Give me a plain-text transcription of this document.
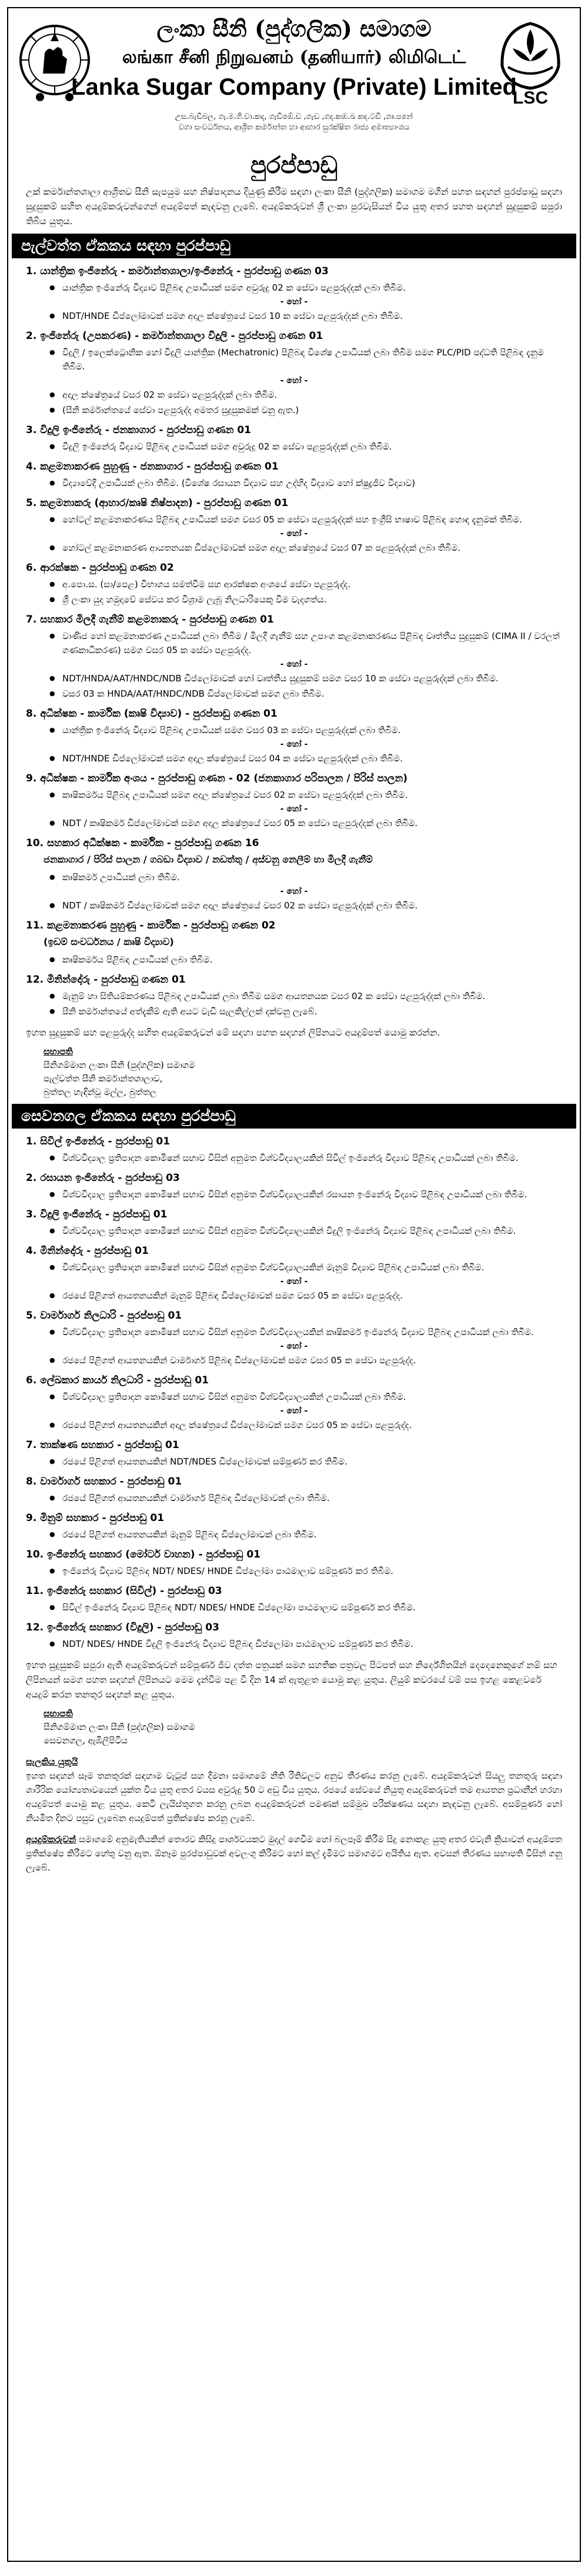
ලංකා සීනි (පුද්ගලික) සමාගම
லங்கா சீனி நிறுவனம் (தனியார்) லிமிடெட்
Lanka Sugar Company (Private) Limited
උස.බැඩිබල, ගැ.ම.ගි.වා.කද, ගැඩිඹේ.ඩ ,ගැඩ ,ගද.කඹ.ඛ කද.ටඩී ,ගෘ.පනේ
වගා සංවර්ධනය, ආශ්‍රිත කර්මාන්ත හා ආහාර සුරක්ෂිත රාජ්‍ය අමාත්‍යාංශය
LSC
පුරප්පාඩු
උක් කර්මාන්තශාලා ආශ්‍රිතව සීනි සැපයුම සහ නිෂ්පාදනය දියුණු කිරීම සඳහා ලංකා සීනි (පුද්ගලික) සමාගම මගින් පහත සඳහන් පුරප්පාඩු සඳහා සුදුසුකම් සහිත අයදුම්කරුවන්ගෙන් අයදුම්පත් කැඳවනු ලැබේ. අයදුම්කරුවන් ශ්‍රී ලංකා පුරවැසියන් විය යුතු අතර පහත සඳහන් සුදුසුකම් සපුරා තිබිය යුතුය.
පැල්වත්ත ඒකකය සඳහා පුරප්පාඩු
1. යාන්ත්‍රික ඉංජිනේරු - කර්මාන්තශාලා/ඉංජිනේරු - පුරප්පාඩු ගණන 03
● යාන්ත්‍රික ඉංජිනේරු විද්‍යාව පිළිබඳ උපාධියක් සමග අවුරුදු 02 ක සේවා පළපුරුද්දක් ලබා තිබීම.
- හෝ -
● NDT/HNDE ඩිප්ලෝමාවක් සමග අදාල ක්ෂේත්‍රයේ වසර 10 ක සේවා පළපුරුද්දක් ලබා තිබීම.
2. ඉංජිනේරු (උපකරණ) - කර්මාන්තශාලා විදුලි - පුරප්පාඩු ගණන 01
● විදුලි / ඉලෙක්ට්‍රොනික හෝ විදුලි යාන්ත්‍රික (Mechatronic) පිළිබඳ විශේෂ උපාධියක් ලබා තිබීම සමග PLC/PID පද්ධති පිළිබඳ දැනුම තිබීම.
- හෝ -
● අදාල ක්ෂේත්‍රයේ වසර 02 ක සේවා පළපුරුද්දක් ලබා තිබීම.
● (සීනි කර්මාන්තයේ සේවා පළපුරුද්ද අමතර සුදුසුකමක් වනු ඇත.)
3. විදුලි ඉංජිනේරු - ජනකාගාර - පුරප්පාඩු ගණන 01
● විදුලි ඉංජිනේරු විද්‍යාව පිළිබඳ උපාධියක් සමග අවුරුදු 02 ක සේවා පළපුරුද්දක් ලබා තිබීම.
4. කළමනාකරණ පුහුණු - ජනකාගාර - පුරප්පාඩු ගණන 01
● විද්‍යාවේදී උපාධියක් ලබා තිබීම. (විශේෂ රසායන විද්‍යාව සහ උද්භිද විද්‍යාව හෝ ක්ෂුද්‍රජීව විද්‍යාව)
5. කළමනාකරු (ආහාර/කෘෂි නිෂ්පාදන) - පුරප්පාඩු ගණන 01
● හෝටල් කළමනාකරණය පිළිබඳ උපාධියක් සමග වසර 05 ක සේවා පළපුරුද්දක් සහ ඉංග්‍රීසි භාෂාව පිළිබඳ හොඳ දැනුමක් තිබීම.
- හෝ -
● හෝටල් කළමනාකරණ ආයතනයක ඩිප්ලෝමාවක් සමග අදාල ක්ෂේත්‍රයේ වසර 07 ක පළපුරුද්දක් ලබා තිබීම.
6. ආරක්ෂක - පුරප්පාඩු ගණන 02
● අ.පො.ස. (සා/පෙළ) විභාගය සමත්වීම සහ ආරක්ෂක අංශයේ සේවා පළපුරුද්ද.
● ශ්‍රී ලංකා යුද හමුදාවේ සේවය කර විශ්‍රාම ලැබූ නිලධාරියෙකු වීම වැදගත්ය.
7. සහකාර මිලදී ගැනීම් කළමනාකරු - පුරප්පාඩු ගණන 01
● වාණිජ හෝ කළමනාකරණ උපාධියක් ලබා තිබීම / මිලදී ගැනීම් සහ උපාංග කළමනාකරණය පිළිබඳ වෘත්තීය සුදුසුකම් (CIMA II / වරලත් ගණකාධිකරණ) සමග වසර 05 ක සේවා පළපුරුද්ද.
- හෝ -
● NDT/HNDA/AAT/HNDC/NDB ඩිප්ලෝමාවක් හෝ වෘත්තීය සුදුසුකම් සමග වසර 10 ක සේවා පළපුරුද්දක් ලබා තිබීම.
● වසර 03 ක HNDA/AAT/HNDC/NDB ඩිප්ලෝමාවක් සමග ලබා තිබීම.
8. අධීක්ෂක - කාර්මික (කෘෂි විද්‍යාව) - පුරප්පාඩු ගණන 01
● යාන්ත්‍රික ඉංජිනේරු විද්‍යාව පිළිබඳ උපාධියක් සමග වසර 03 ක සේවා පළපුරුද්දක් ලබා තිබීම.
- හෝ -
● NDT/HNDE ඩිප්ලෝමාවක් සමග අදාල ක්ෂේත්‍රයේ වසර 04 ක සේවා පළපුරුද්දක් ලබා තිබීම.
9. අධීක්ෂක - කාර්මික අංශය - පුරප්පාඩු ගණන - 02 (ජනකාගාර පරිපාලන / පිරිස් පාලන)
● කෘෂිකර්මය පිළිබඳ උපාධියක් සමග අදාල ක්ෂේත්‍රයේ වසර 02 ක සේවා පළපුරුද්දක් ලබා තිබීම.
- හෝ -
● NDT / කෘෂිකර්ම ඩිප්ලෝමාවක් සමග අදාල ක්ෂේත්‍රයේ වසර 05 ක සේවා පළපුරුද්දක් ලබා තිබීම.
10. සහකාර අධීක්ෂක - කාර්මික - පුරප්පාඩු ගණන 16
ජනකාගාර / පිරිස් පාලන / ගබඩා විද්‍යාව / නඩත්තු / අස්වනු නෙලීම් හා මිලදී ගැනීම්
● කෘෂිකර්ම උපාධියක් ලබා තිබීම.
- හෝ -
● NDT / කෘෂිකර්ම ඩිප්ලෝමාවක් සමග අදාල ක්ෂේත්‍රයේ වසර 02 ක සේවා පළපුරුද්දක් ලබා තිබීම.
11. කළමනාකරණ පුහුණු - කාර්මික - පුරප්පාඩු ගණන 02
(ඉඩම් සංවර්ධනය / කෘෂි විද්‍යාව)
● කෘෂිකර්මය පිළිබඳ උපාධියක් ලබා තිබීම.
12. මිනින්දෝරු - පුරප්පාඩු ගණන 01
● මැනුම් හා සිතියම්කරණය පිළිබඳ උපාධියක් ලබා තිබීම සමග ආයතනයක වසර 02 ක සේවා පළපුරුද්දක් ලබා තිබීම.
● සීනි කර්මාන්තයේ අත්දැකීම් ඇති අයට වැඩි සැලකිල්ලක් දක්වනු ලැබේ.
ඉහත සුදුසුකම් සහ පළපුරුද්ද සහිත අයදුම්කරුවන් මේ සඳහා පහත සඳහන් ලිපිනයට අයදුම්පත් යොමු කරන්න.
සභාපති
සීනිගම්මාන ලංකා සීනි (පුද්ගලික) සමාගම
පැල්වත්ත සීනි කර්මාන්තශාලාව,
බුත්තල හැඳින්වූ මල්ල, බුත්තල
සෙවනගල ඒකකය සඳහා පුරප්පාඩු
1. සිවිල් ඉංජිනේරු - පුරප්පාඩු 01
● විශ්වවිද්‍යාල ප්‍රතිපාදන කොමිෂන් සභාව විසින් අනුමත විශ්වවිද්‍යාලයකින් සිවිල් ඉංජිනේරු විද්‍යාව පිළිබඳ උපාධියක් ලබා තිබීම.
2. රසායන ඉංජිනේරු - පුරප්පාඩු 03
● විශ්වවිද්‍යාල ප්‍රතිපාදන කොමිෂන් සභාව විසින් අනුමත විශ්වවිද්‍යාලයකින් රසායන ඉංජිනේරු විද්‍යාව පිළිබඳ උපාධියක් ලබා තිබීම.
3. විදුලි ඉංජිනේරු - පුරප්පාඩු 01
● විශ්වවිද්‍යාල ප්‍රතිපාදන කොමිෂන් සභාව විසින් අනුමත විශ්වවිද්‍යාලයකින් විදුලි ඉංජිනේරු විද්‍යාව පිළිබඳ උපාධියක් ලබා තිබීම.
4. මිනින්දෝරු - පුරප්පාඩු 01
● විශ්වවිද්‍යාල ප්‍රතිපාදන කොමිෂන් සභාව විසින් අනුමත විශ්වවිද්‍යාලයකින් මැනුම් විද්‍යාව පිළිබඳ උපාධියක් ලබා තිබීම.
- හෝ -
● රජයේ පිළිගත් ආයතනයකින් මැනුම් පිළිබඳ ඩිප්ලෝමාවක් සමග වසර 05 ක සේවා පළපුරුද්ද.
5. වාර්මාර්ග නිලධාරි - පුරප්පාඩු 01
● විශ්වවිද්‍යාල ප්‍රතිපාදන කොමිෂන් සභාව විසින් අනුමත විශ්වවිද්‍යාලයකින් කෘෂිකර්ම ඉංජිනේරු විද්‍යාව පිළිබඳ උපාධියක් ලබා තිබීම.
- හෝ -
● රජයේ පිළිගත් ආයතනයකින් වාර්මාර්ග පිළිබඳ ඩිප්ලෝමාවක් සමග වසර 05 ක සේවා පළපුරුද්ද.
6. ලේඛකාර කාර්ය නිලධාරි - පුරප්පාඩු 01
● විශ්වවිද්‍යාල ප්‍රතිපාදන කොමිෂන් සභාව විසින් අනුමත විශ්වවිද්‍යාලයකින් උපාධියක් ලබා තිබීම.
- හෝ -
● රජයේ පිළිගත් ආයතනයකින් අදාල ක්ෂේත්‍රයේ ඩිප්ලෝමාවක් සමග වසර 05 ක සේවා පළපුරුද්ද.
7. තාක්ෂණ සහකාර - පුරප්පාඩු 01
● රජයේ පිළිගත් ආයතනයකින් NDT/NDES ඩිප්ලෝමාවක් සම්පූර්ණ කර තිබීම.
8. වාර්මාර්ග සහකාර - පුරප්පාඩු 01
● රජයේ පිළිගත් ආයතනයකින් වාර්මාර්ග පිළිබඳ ඩිප්ලෝමාවක් ලබා තිබීම.
9. මිනුම් සහකාර - පුරප්පාඩු 01
● රජයේ පිළිගත් ආයතනයකින් මැනුම් පිළිබඳ ඩිප්ලෝමාවක් ලබා තිබීම.
10. ඉංජිනේරු සහකාර (මෝටර් වාහන) - පුරප්පාඩු 01
● ඉංජිනේරු විද්‍යාව පිළිබඳ NDT/ NDES/ HNDE ඩිප්ලෝමා පාඨමාලාව සම්පූර්ණ කර තිබීම.
11. ඉංජිනේරු සහකාර (සිවිල්) - පුරප්පාඩු 03
● සිවිල් ඉංජිනේරු විද්‍යාව පිළිබඳ NDT/ NDES/ HNDE ඩිප්ලෝමා පාඨමාලාව සම්පූර්ණ කර තිබීම.
12. ඉංජිනේරු සහකාර (විදුලි) - පුරප්පාඩු 03
● NDT/ NDES/ HNDE විදුලි ඉංජිනේරු විද්‍යාව පිළිබඳ ඩිප්ලෝමා පාඨමාලාව සම්පූර්ණ කර තිබීම.
ඉහත සුදුසුකම් සපුරා ඇති අයදුම්කරුවන් සම්පූර්ණ ජීව දත්ත පත්‍රයක් සමග සහතික පත්‍රවල පිටපත් සහ නිර්දේශිතයින් දෙදෙනෙකුගේ නම් සහ ලිපිනයන් සමග පහත සඳහන් ලිපිනයට මෙම දැන්වීම පළ වී දින 14 ක් ඇතුළත යොමු කළ යුතුය. ලියුම් කවරයේ වම් පස ඉහළ කෙළවරේ අයදුම් කරන තනතුර සඳහන් කළ යුතුය.
සභාපති
සීනිගම්මාන ලංකා සීනි (පුද්ගලික) සමාගම
සෙවනගල, ඇඹිලිපිටිය
සැලකිය යුතුයි
ඉහත සඳහන් සෑම තනතුරක් සඳහාම වැටුප් සහ දීමනා සමාගමේ නීති රීතිවලට අනුව තීරණය කරනු ලැබේ. අයදුම්කරුවන් සියලු තනතුරු සඳහා ශාරීරික යෝග්‍යතාවයෙන් යුක්ත විය යුතු අතර වයස අවුරුදු 50 ට අඩු විය යුතුය. රජයේ සේවයේ නියුතු අයදුම්කරුවන් තම ආයතන ප්‍රධානීන් හරහා අයදුම්පත් යොමු කළ යුතුය. කෙටි ලැයිස්තුගත කරනු ලබන අයදුම්කරුවන් පමණක් සම්මුඛ පරීක්ෂණය සඳහා කැඳවනු ලැබේ. අසම්පූර්ණ හෝ නියමිත දිනට පසුව ලැබෙන අයදුම්පත් ප්‍රතික්ෂේප කරනු ලැබේ.
අයදුම්කරුවන් සමාගමේ අනුමැතියකින් තොරව කිසිදු පාර්ශවයකට මුදල් ගෙවීම හෝ බලපෑම් කිරීම සිදු නොකළ යුතු අතර එවැනි ක්‍රියාවන් අයදුම්පත ප්‍රතික්ෂේප කිරීමට හේතු වනු ඇත. ඕනෑම පුරප්පාඩුවක් අවලංගු කිරීමට හෝ කල් දැමීමට සමාගමට අයිතිය ඇත. අවසන් තීරණය සභාපති විසින් ගනු ලැබේ.
